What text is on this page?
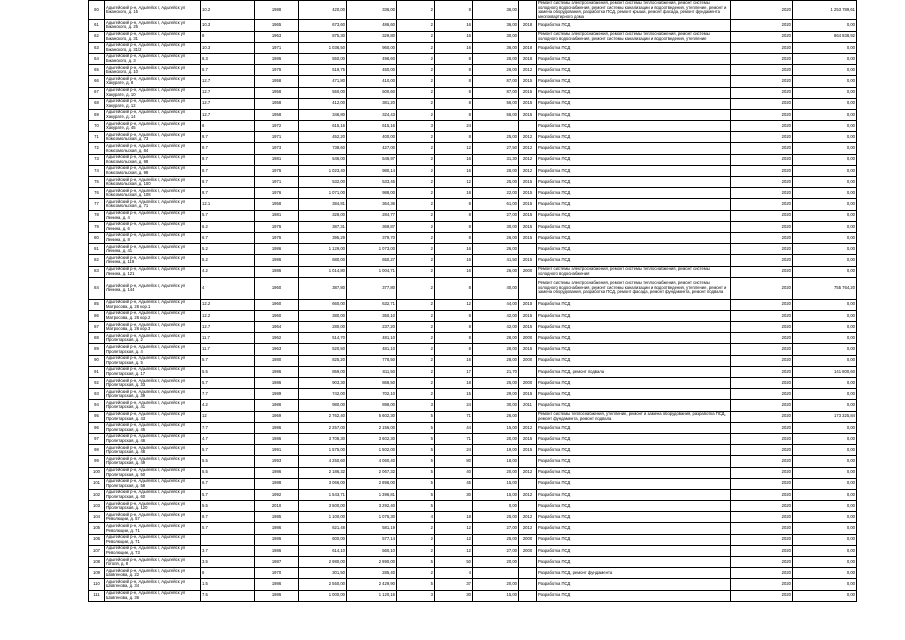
60	Адыгейский р-н, Адыгейск г, Адыгейск ул Бжанского, д. 15	10.2	1988	420,00	336,00	2	8	36,00		Ремонт системы электроснабжения, ремонт системы теплоснабжения, ремонт системы холодного водоснабжения, ремонт системы канализации и водоотведения, утепление, ремонт и замена оборудования, разработка ПСД, ремонт крыши, ремонт фасада, ремонт фундамента многоквартирного дома	2020	1 253 789,61
61	Адыгейский р-н, Адыгейск г, Адыгейск ул Бжанского, д. 25	10.3	1965	673,60	486,60	2	16	36,00	2018	Разработка ПСД	2020	0,00
62	Адыгейский р-н, Адыгейск г, Адыгейск ул Бжанского, д. 31	8	1963	875,30	329,80	2	16	30,00		Ремонт системы электроснабжения, ремонт системы теплоснабжения, ремонт системы холодного водоснабжения, ремонт системы канализации и водоотведения, утепление	2020	864 838,92
63	Адыгейский р-н, Адыгейск г, Адыгейск ул Бжанского, д. 31/2	10.3	1971	1 036,50	960,00	2	16	36,00	2018	Разработка ПСД	2020	0,00
64	Адыгейский р-н, Адыгейск г, Адыгейск ул Бжанского, д. 3	8.3	1986	550,00	496,60	2	8	26,00	2018	Разработка ПСД	2020	0,00
65	Адыгейский р-н, Адыгейск г, Адыгейск ул Бжанского, д. 10	5.7	1976	519,75	450,00	2	8	26,00	2012	Разработка ПСД	2020	0,00
66	Адыгейский р-н, Адыгейск г, Адыгейск ул Хакурате, д. 8	12.7	1958	471,80	410,00	2	8	87,00	2015	Разработка ПСД	2020	0,00
67	Адыгейский р-н, Адыгейск г, Адыгейск ул Хакурате, д. 10	12.7	1958	550,00	500,60	2	8	87,00	2015	Разработка ПСД	2020	0,00
68	Адыгейский р-н, Адыгейск г, Адыгейск ул Хакурате, д. 12	12.7	1958	412,00	381,20	2	8	56,00	2015	Разработка ПСД	2020	0,00
69	Адыгейский р-н, Адыгейск г, Адыгейск ул Хакурате, д. 14	12.7	1958	346,80	324,43	2	8	56,00	2015	Разработка ПСД	2020	0,00
70	Адыгейский р-н, Адыгейск г, Адыгейск ул Хакурате, д. 45	6	1972	615,16	615,16	3	24			Разработка ПСД	2020	0,00
71	Адыгейский р-н, Адыгейск г, Адыгейск ул Комсомольская, д. 73	8.7	1971	452,20	400,00	2	8	25,00	2012	Разработка ПСД	2020	0,00
72	Адыгейский р-н, Адыгейск г, Адыгейск ул Комсомольская, д. 84	8.7	1973	738,60	427,00	2	12	27,50	2012	Разработка ПСД	2020	0,00
73	Адыгейский р-н, Адыгейск г, Адыгейск ул Комсомольская, д. 98	8.7	1981	546,00	546,97	2	16	31,30	2012	Разработка ПСД	2020	0,00
74	Адыгейский р-н, Адыгейск г, Адыгейск ул Комсомольская, д. 98	8.7	1976	1 023,40	980,14	2	16	26,00	2012	Разработка ПСД	2020	0,00
75	Адыгейский р-н, Адыгейск г, Адыгейск ул Комсомольская, д. 100	8.7	1971	532,00	533,45	2	12	25,00	2015	Разработка ПСД	2020	0,00
76	Адыгейский р-н, Адыгейск г, Адыгейск ул Комсомольская, д. 108	8.7	1976	1 071,00	988,00	2	18	22,00	2015	Разработка ПСД	2020	0,00
77	Адыгейский р-н, Адыгейск г, Адыгейск ул Комсомольская, д. 71	12.1	1958	384,81	364,36	2	8	61,00	2015	Разработка ПСД	2020	0,00
78	Адыгейский р-н, Адыгейск г, Адыгейск ул Ленина, д. 4	5.7	1981	328,00	284,77	2	8	27,00	2015	Разработка ПСД	2020	0,00
79	Адыгейский р-н, Адыгейск г, Адыгейск ул Ленина, д. 6	6.2	1976	387,31	369,87	2	8	30,00	2015	Разработка ПСД	2020	0,00
80	Адыгейский р-н, Адыгейск г, Адыгейск ул Ленина, д. 8	6.7	1976	395,29	379,70	2	8	26,00	2015	Разработка ПСД	2020	0,00
81	Адыгейский р-н, Адыгейск г, Адыгейск ул Ленина, д. 41	5.2	1986	1 129,00	1 073,00	2	16	26,00		Разработка ПСД	2020	0,00
82	Адыгейский р-н, Адыгейск г, Адыгейск ул Ленина, д. 119	5.2	1986	680,00	650,27	2	16	41,50	2015	Разработка ПСД	2020	0,00
83	Адыгейский р-н, Адыгейск г, Адыгейск ул Ленина, д. 121	4.2	1986	1 014,80	1 004,71	2	16	26,00	2000	Ремонт системы электроснабжения, ремонт системы теплоснабжения, ремонт системы холодного водоснабжения	2020	0,00
84	Адыгейский р-н, Адыгейск г, Адыгейск ул Ленина, д. 144	4	1960	387,80	377,80	2	8	40,00		Ремонт системы электроснабжения, ремонт системы теплоснабжения, ремонт системы холодного водоснабжения, ремонт системы канализации и водоотведения, утепление, ремонт и замена оборудования, разработка ПСД, ремонт фасада, ремонт фундамента, ремонт подвала	2020	755 764,20
85	Адыгейский р-н, Адыгейск г, Адыгейск ул Матросова, д. 26 кор.1	12.2	1960	660,00	632,71	2	12	44,00	2015	Разработка ПСД	2020	0,00
86	Адыгейский р-н, Адыгейск г, Адыгейск ул Матросова, д. 26 кор.2	12.2	1960	380,00	350,10	2	8	42,00	2015	Разработка ПСД	2020	0,00
87	Адыгейский р-н, Адыгейск г, Адыгейск ул Матросова, д. 26 кор.3	12.7	1964	280,00	237,20	2	8	42,00	2015	Разработка ПСД	2020	0,00
88	Адыгейский р-н, Адыгейск г, Адыгейск ул Пролетарская, д. 2	11.7	1962	514,70	481,10	2	8	28,00	2000	Разработка ПСД	2020	0,00
89	Адыгейский р-н, Адыгейск г, Адыгейск ул Пролетарская, д. 4	11.7	1963	520,50	481,10	2	8	28,00	2015	Разработка ПСД	2020	0,00
90	Адыгейский р-н, Адыгейск г, Адыгейск ул Пролетарская, д. 5	5.7	1980	825,20	778,50	2	16	28,00	2000	Разработка ПСД	2020	0,00
91	Адыгейский р-н, Адыгейск г, Адыгейск ул Пролетарская, д. 17	5.5	1986	859,00	811,50	2	17	21,70		Разработка ПСД, ремонт подвала	2020	141 800,60
92	Адыгейский р-н, Адыгейск г, Адыгейск ул Пролетарская, д. 33	5.7	1986	903,30	868,50	2	18	25,00	2000	Разработка ПСД	2020	0,00
93	Адыгейский р-н, Адыгейск г, Адыгейск ул Пролетарская, д. 39	7.7	1989	742,00	702,10	2	15	29,00	2015	Разработка ПСД	2020	0,00
94	Адыгейский р-н, Адыгейск г, Адыгейск ул Пролетарская, д. 41	4.2	1986	980,00	898,00	3	24	30,00	2011	Разработка ПСД	2020	0,00
95	Адыгейский р-н, Адыгейск г, Адыгейск ул Пролетарская, д. 43	12	1969	2 762,40	5 602,30	5	71	26,00		Ремонт системы теплоснабжения, утепление, ремонт и замена оборудования, разработка ПСД, ремонт фундамента, ремонт подвала	2020	173 325,84
96	Адыгейский р-н, Адыгейск г, Адыгейск ул Пролетарская, д. 45	7.7	1986	2 257,00	2 156,00	5	44	15,00	2012	Разработка ПСД	2020	0,00
97	Адыгейский р-н, Адыгейск г, Адыгейск ул Пролетарская, д. 46	4.7	1986	3 708,30	3 602,30	5	71	20,00	2015	Разработка ПСД	2020	0,00
98	Адыгейский р-н, Адыгейск г, Адыгейск ул Пролетарская, д. 48	5.7	1991	1 575,00	1 502,00	5	24	19,00	2015	Разработка ПСД	2020	0,00
99	Адыгейский р-н, Адыгейск г, Адыгейск ул Пролетарская, д. 49	5.5	1993	4 250,60	4 060,40	5	80	18,00		Разработка ПСД	2020	0,00
100	Адыгейский р-н, Адыгейск г, Адыгейск ул Пролетарская, д. 50	5.5	1986	2 186,32	2 067,32	5	40	20,00	2012	Разработка ПСД	2020	0,00
101	Адыгейский р-н, Адыгейск г, Адыгейск ул Пролетарская, д. 58	6.7	1988	3 066,00	2 896,00	5	45	15,00		Разработка ПСД	2020	0,00
102	Адыгейский р-н, Адыгейск г, Адыгейск ул Пролетарская, д. 60	5.7	1992	1 543,71	1 396,81	5	30	15,00	2012	Разработка ПСД	2020	0,00
103	Адыгейский р-н, Адыгейск г, Адыгейск ул Пролетарская, д. 120	5.5	2010	3 500,00	3 292,40	5		0,00		Разработка ПСД	2020	0,00
104	Адыгейский р-н, Адыгейск г, Адыгейск ул Революции, д. 57	8.7	1985	1 100,00	1 075,30	4	18	25,00	2012	Разработка ПСД	2020	0,00
105	Адыгейский р-н, Адыгейск г, Адыгейск ул Революции, д. 71	5.7	1986	621,48	581,19	2	12	27,00	2012	Разработка ПСД	2020	0,00
106	Адыгейский р-н, Адыгейск г, Адыгейск ул Революции, д. 71		1986	600,00	577,14	2	12	25,00	2000	Разработка ПСД	2020	0,00
107	Адыгейский р-н, Адыгейск г, Адыгейск ул Революции, д. 73	3.7	1986	614,10	560,10	2	12	27,00	2000	Разработка ПСД	2020	0,00
108	Адыгейский р-н, Адыгейск г, Адыгейск ул Гоголя, д. 8	3.5	1987	2 980,00	2 890,00	5	50	20,00		Разработка ПСД	2020	0,00
109	Адыгейский р-н, Адыгейск г, Адыгейск ул Шовгенова, д. 22	6	1970	301,50	285,40	2	4			Разработка ПСД, ремонт фундамента	2020	0,00
110	Адыгейский р-н, Адыгейск г, Адыгейск ул Шовгенова, д. 34	1.5	1986	2 550,00	2 429,90	5	37	20,00		Разработка ПСД	2020	0,00
111	Адыгейский р-н, Адыгейск г, Адыгейск ул Шовгенова, д. 36	7.5	1986	1 000,00	1 120,16	3	30	15,00		Разработка ПСД	2020	0,00
